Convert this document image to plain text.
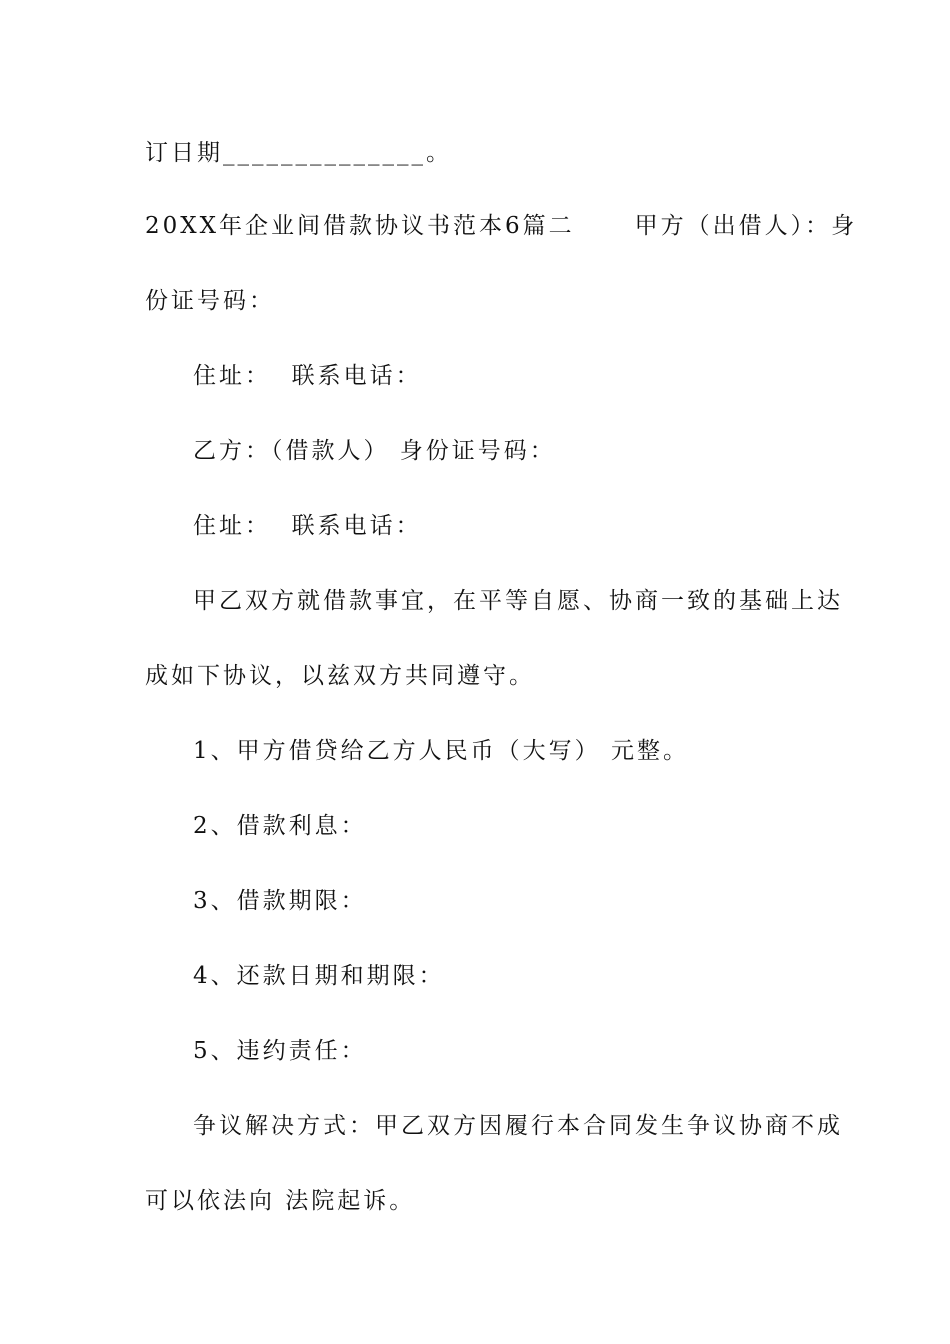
订日期______________。
20XX年企业间借款协议书范本6篇二	甲方（出借人）： 身
份证号码：
住址：  联系电话：
乙方：（借款人） 身份证号码：
住址：  联系电话：
甲乙双方就借款事宜，在平等自愿、协商一致的基础上达
成如下协议，以兹双方共同遵守。
1、甲方借贷给乙方人民币（大写） 元整。
2、借款利息：
3、借款期限：
4、还款日期和期限：
5、违约责任：
争议解决方式：甲乙双方因履行本合同发生争议协商不成
可以依法向 法院起诉。
